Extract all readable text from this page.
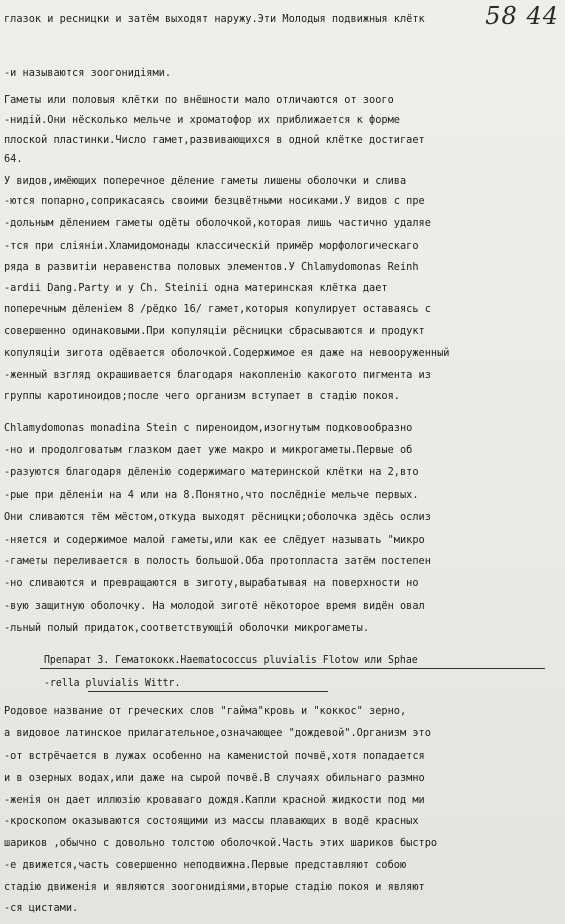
58 44
глазок и ресницки и затём выходят наружу.Эти Молодыя подвижныя клётк
-и называются зоогонидіями.
Гаметы или половыя клётки по внёшности мало отличаются от зоого
-нидій.Они нёсколько мельче и хроматофор их приближается к форме
плоской пластинки.Число гамет,развивающихся в одной клётке достигает
64.
У видов,имёющих поперечное дёление гаметы лишены оболочки и слива
-ются попарно,соприкасаясь своими безцвётными носиками.У видов с пре
-дольным дёлением гаметы одёты оболочкой,которая лишь частично удаляе
-тся при сліяніи.Хламидомонады классическій примёр морфологическаго
ряда в развитіи неравенства половых элементов.У Chlamydomonas Reinh
-ardii Dang.Party и у Ch. Steinii одна материнская клётка дает
поперечным дёленіем 8 /рёдко 16/ гамет,которыя копулирует оставаясь с
совершенно одинаковыми.При копуляціи рёсницки сбрасываются и продукт
копуляціи зигота одёвается оболочкой.Содержимое ея даже на невооруженный
-женный взгляд окрашивается благодаря накопленію какогото пигмента из
группы каротиноидов;после чего организм вступает в стадію покоя.
Chlamydomonas monadina Stein с пиреноидом,изогнутым подковообразно
-но и продолговатым глазком дает уже макро и микрогаметы.Первые об
-разуются благодаря дёленію содержимаго материнской клётки на 2,вто
-рые при дёленіи на 4 или на 8.Понятно,что послёдніе мельче первых.
Они сливаются тём мёстом,откуда выходят рёсницки;оболочка здёсь ослиз
-няется и содержимое малой гаметы,или как ее слёдует называть "микро
-гаметы переливается в полость большой.Оба протопласта затём постепен
-но сливаются и превращаются в зиготу,вырабатывая на поверхности но
-вую защитную оболочку. На молодой зиготё нёкоторое время видён овал
-льный полый придаток,соответствующій оболочки микрогаметы.
Препарат 3. Гематококк.Haematococcus pluvialis Flotow или Sphae
-rella pluvialis Wittr.
Родовое название от греческих слов "гайма"кровь и "коккос" зерно,
а видовое латинское прилагательное,означающее "дождевой".Организм это
-от встрёчается в лужах особенно на каменистой почвё,хотя попадается
и в озерных водах,или даже на сырой почвё.В случаях обильнаго размно
-женія он дает иллюзію кроваваго дождя.Капли красной жидкости под ми
-кроскопом оказываются состоящими из массы плавающих в водё красных
шариков ,обычно с довольно толстою оболочкой.Часть этих шариков быстро
-е движется,часть совершенно неподвижна.Первые представляют собою
стадію движенія и являются зоогонидіями,вторые стадію покоя и являют
-ся цистами.
